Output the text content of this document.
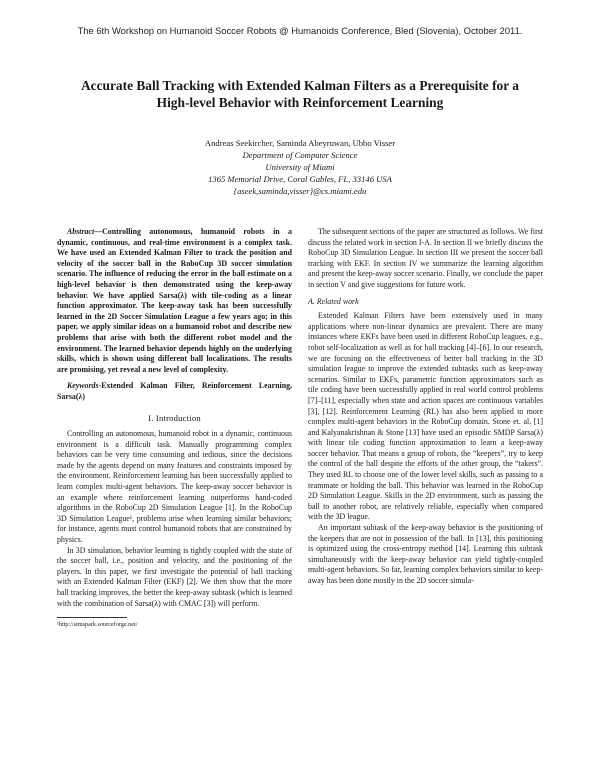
The 6th Workshop on Humanoid Soccer Robots @ Humanoids Conference, Bled (Slovenia), October 2011.
Accurate Ball Tracking with Extended Kalman Filters as a Prerequisite for a
High-level Behavior with Reinforcement Learning
Andreas Seekircher, Saminda Abeyruwan, Ubbo Visser
Department of Computer Science
University of Miami
1365 Memorial Drive, Coral Gables, FL, 33146 USA
{aseek,saminda,visser}@cs.miami.edu

Abstract—Controlling autonomous, humanoid robots in a dynamic, continuous, and real-time environment is a complex task. We have used an Extended Kalman Filter to track the position and velocity of the soccer ball in the RoboCup 3D soccer simulation scenario. The influence of reducing the error in the ball estimate on a high-level behavior is then demonstrated using the keep-away behavior. We have applied Sarsa(λ) with tile-coding as a linear function approximator. The keep-away task has been successfully learned in the 2D Soccer Simulation League a few years ago; in this paper, we apply similar ideas on a humanoid robot and describe new problems that arise with both the different robot model and the environment. The learned behavior depends highly on the underlying skills, which is shown using different ball localizations. The results are promising, yet reveal a new level of complexity.

Keywords-Extended Kalman Filter, Reinforcement Learning, Sarsa(λ)

I. Introduction

Controlling an autonomous, humanoid robot in a dynamic, continuous environment is a difficult task. Manually programming complex behaviors can be very time consuming and tedious, since the decisions made by the agents depend on many features and constraints imposed by the environment. Reinforcement learning has been successfully applied to learn complex multi-agent behaviors. The keep-away soccer behavior is an example where reinforcement learning outperforms hand-coded algorithms in the RoboCup 2D Simulation League [1]. In the RoboCup 3D Simulation League¹, problems arise when learning similar behaviors; for instance, agents must control humanoid robots that are constrained by physics.

In 3D simulation, behavior learning is tightly coupled with the state of the soccer ball, i.e., position and velocity, and the positioning of the players. In this paper, we first investigate the potential of ball tracking with an Extended Kalman Filter (EKF) [2]. We then show that the more ball tracking improves, the better the keep-away subtask (which is learned with the combination of Sarsa(λ) with CMAC [3]) will perform.

¹http://simspark.sourceforge.net/

The subsequent sections of the paper are structured as follows. We first discuss the related work in section I-A. In section II we briefly discuss the RoboCup 3D Simulation League. In section III we present the soccer ball tracking with EKF. In section IV we summarize the learning algorithm and present the keep-away soccer scenario. Finally, we conclude the paper in section V and give suggestions for future work.

A. Related work

Extended Kalman Filters have been extensively used in many applications where non-linear dynamics are prevalent. There are many instances where EKFs have been used in different RoboCup leagues, e.g., robot self-localization as well as for ball tracking [4]–[6]. In our research, we are focusing on the effectiveness of better ball tracking in the 3D simulation league to improve the extended subtasks such as keep-away scenarios. Similar to EKFs, parametric function approximators such as tile coding have been successfully applied in real world control problems [7]–[11], especially when state and action spaces are continuous variables [3], [12]. Reinforcement Learning (RL) has also been applied to more complex multi-agent behaviors in the RoboCup domain. Stone et. al. [1] and Kalyanakrishnan & Stone [13] have used an episodic SMDP Sarsa(λ) with linear tile coding function approximation to learn a keep-away soccer behavior. That means a group of robots, the “keepers”, try to keep the control of the ball despite the efforts of the other group, the “takers”. They used RL to choose one of the lower level skills, such as passing to a teammate or holding the ball. This behavior was learned in the RoboCup 2D Simulation League. Skills in the 2D environment, such as passing the ball to another robot, are relatively reliable, especially when compared with the 3D league.

An important subtask of the keep-away behavior is the positioning of the keepers that are not in possession of the ball. In [13], this positioning is optimized using the cross-entropy method [14]. Learning this subtask simultaneously with the keep-away behavior can yield tightly-coupled multi-agent behaviors. So far, learning complex behaviors similar to keep-away has been done mostly in the 2D soccer simula-
